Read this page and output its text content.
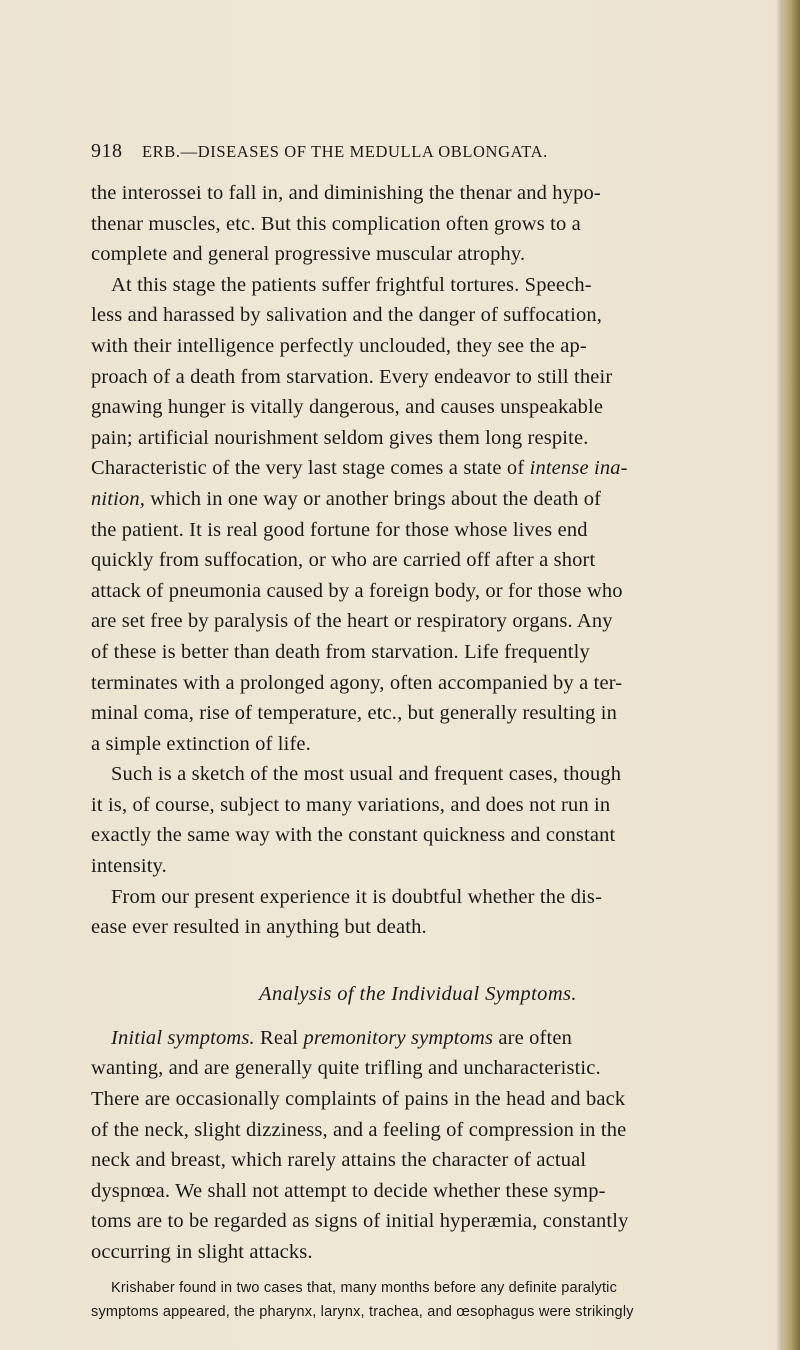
918 ERB.—DISEASES OF THE MEDULLA OBLONGATA.
the interossei to fall in, and diminishing the thenar and hypo-
thenar muscles, etc. But this complication often grows to a
complete and general progressive muscular atrophy.
At this stage the patients suffer frightful tortures. Speech-
less and harassed by salivation and the danger of suffocation,
with their intelligence perfectly unclouded, they see the ap-
proach of a death from starvation. Every endeavor to still their
gnawing hunger is vitally dangerous, and causes unspeakable
pain; artificial nourishment seldom gives them long respite.
Characteristic of the very last stage comes a state of intense ina-
nition, which in one way or another brings about the death of
the patient. It is real good fortune for those whose lives end
quickly from suffocation, or who are carried off after a short
attack of pneumonia caused by a foreign body, or for those who
are set free by paralysis of the heart or respiratory organs. Any
of these is better than death from starvation. Life frequently
terminates with a prolonged agony, often accompanied by a ter-
minal coma, rise of temperature, etc., but generally resulting in
a simple extinction of life.
Such is a sketch of the most usual and frequent cases, though
it is, of course, subject to many variations, and does not run in
exactly the same way with the constant quickness and constant
intensity.
From our present experience it is doubtful whether the dis-
ease ever resulted in anything but death.
Analysis of the Individual Symptoms.
Initial symptoms. Real premonitory symptoms are often
wanting, and are generally quite trifling and uncharacteristic.
There are occasionally complaints of pains in the head and back
of the neck, slight dizziness, and a feeling of compression in the
neck and breast, which rarely attains the character of actual
dyspnœa. We shall not attempt to decide whether these symp-
toms are to be regarded as signs of initial hyperæmia, constantly
occurring in slight attacks.
Krishaber found in two cases that, many months before any definite paralytic
symptoms appeared, the pharynx, larynx, trachea, and œsophagus were strikingly
